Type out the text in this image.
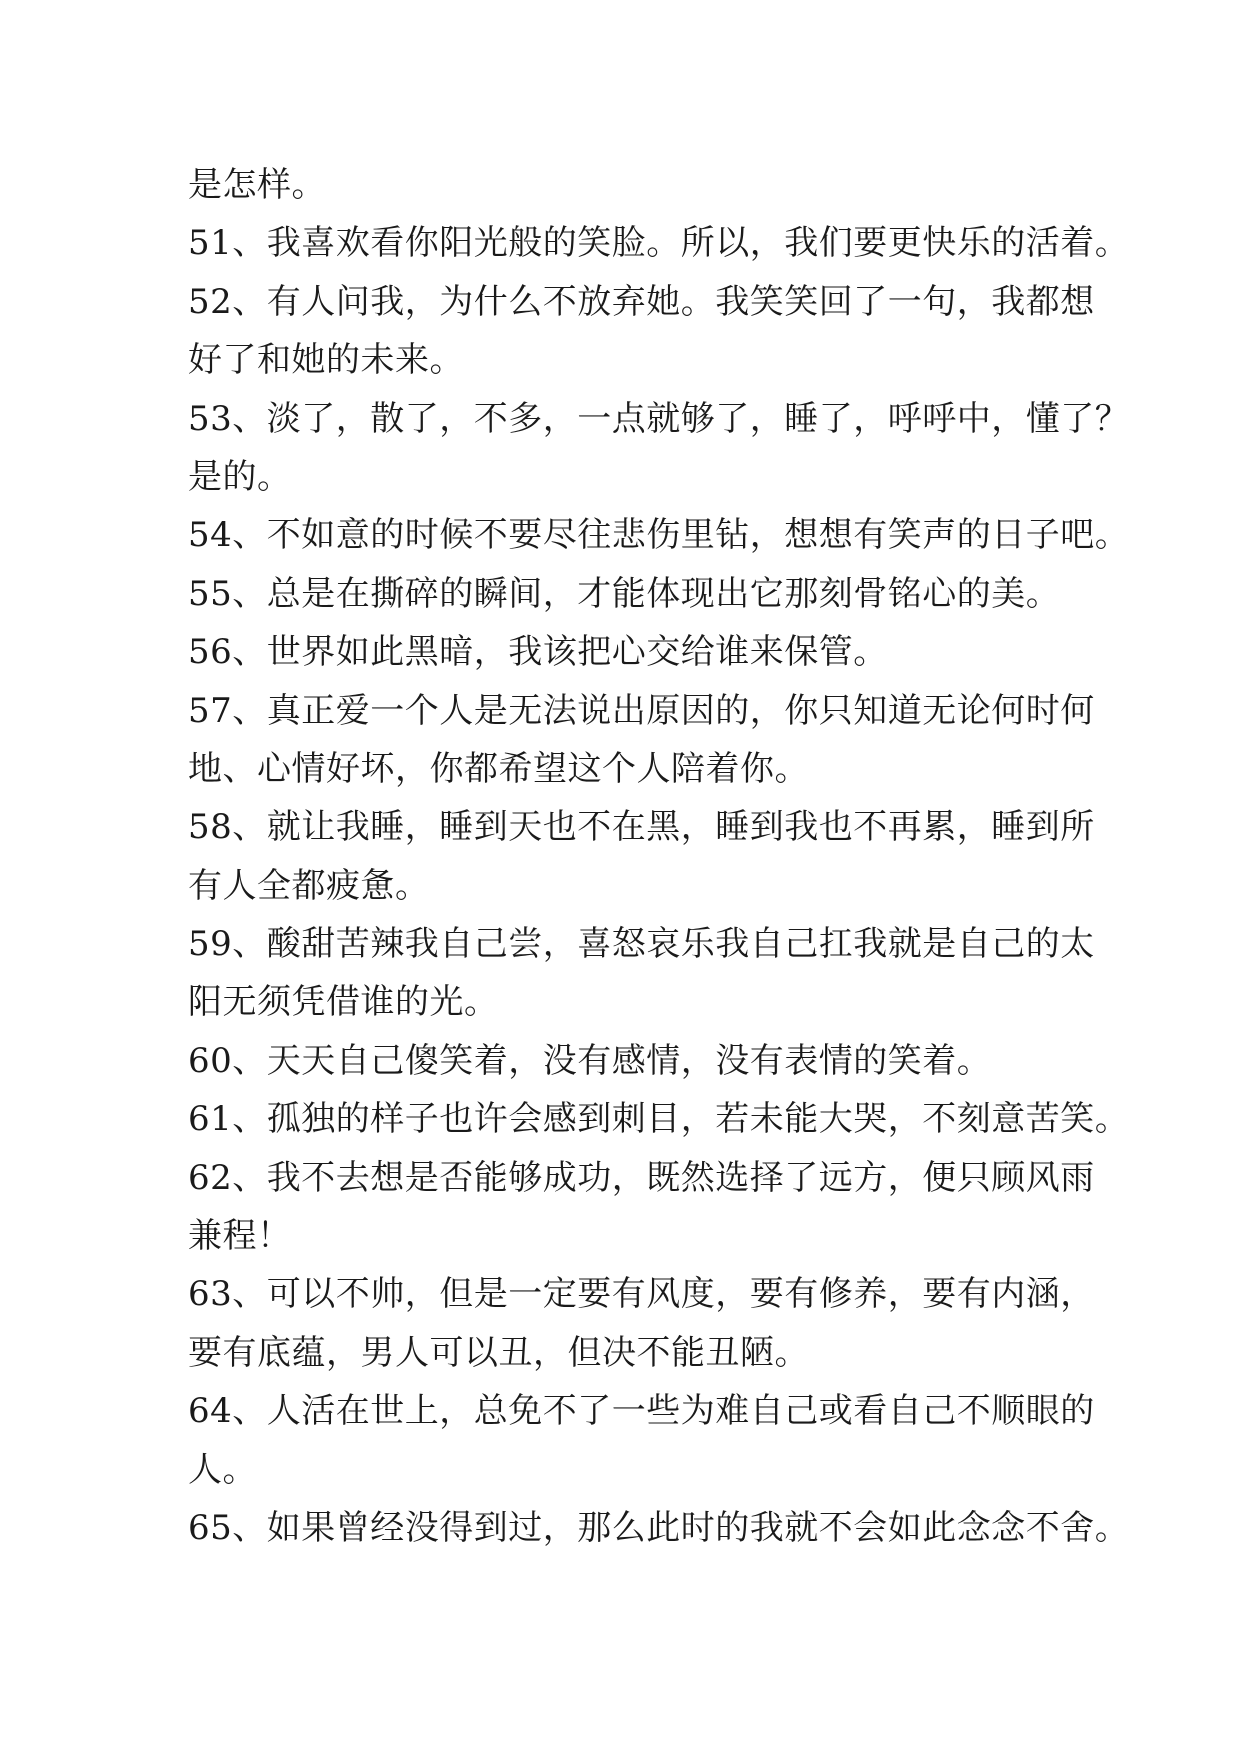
是怎样。
51、我喜欢看你阳光般的笑脸。所以，我们要更快乐的活着。
52、有人问我，为什么不放弃她。我笑笑回了一句，我都想
好了和她的未来。
53、淡了，散了，不多，一点就够了，睡了，呼呼中，懂了？
是的。
54、不如意的时候不要尽往悲伤里钻，想想有笑声的日子吧。
55、总是在撕碎的瞬间，才能体现出它那刻骨铭心的美。
56、世界如此黑暗，我该把心交给谁来保管。
57、真正爱一个人是无法说出原因的，你只知道无论何时何
地、心情好坏，你都希望这个人陪着你。
58、就让我睡，睡到天也不在黑，睡到我也不再累，睡到所
有人全都疲惫。
59、酸甜苦辣我自己尝，喜怒哀乐我自己扛我就是自己的太
阳无须凭借谁的光。
60、天天自己傻笑着，没有感情，没有表情的笑着。
61、孤独的样子也许会感到刺目，若未能大哭，不刻意苦笑。
62、我不去想是否能够成功，既然选择了远方，便只顾风雨
兼程！
63、可以不帅，但是一定要有风度，要有修养，要有内涵，
要有底蕴，男人可以丑，但决不能丑陋。
64、人活在世上，总免不了一些为难自己或看自己不顺眼的
人。
65、如果曾经没得到过，那么此时的我就不会如此念念不舍。
